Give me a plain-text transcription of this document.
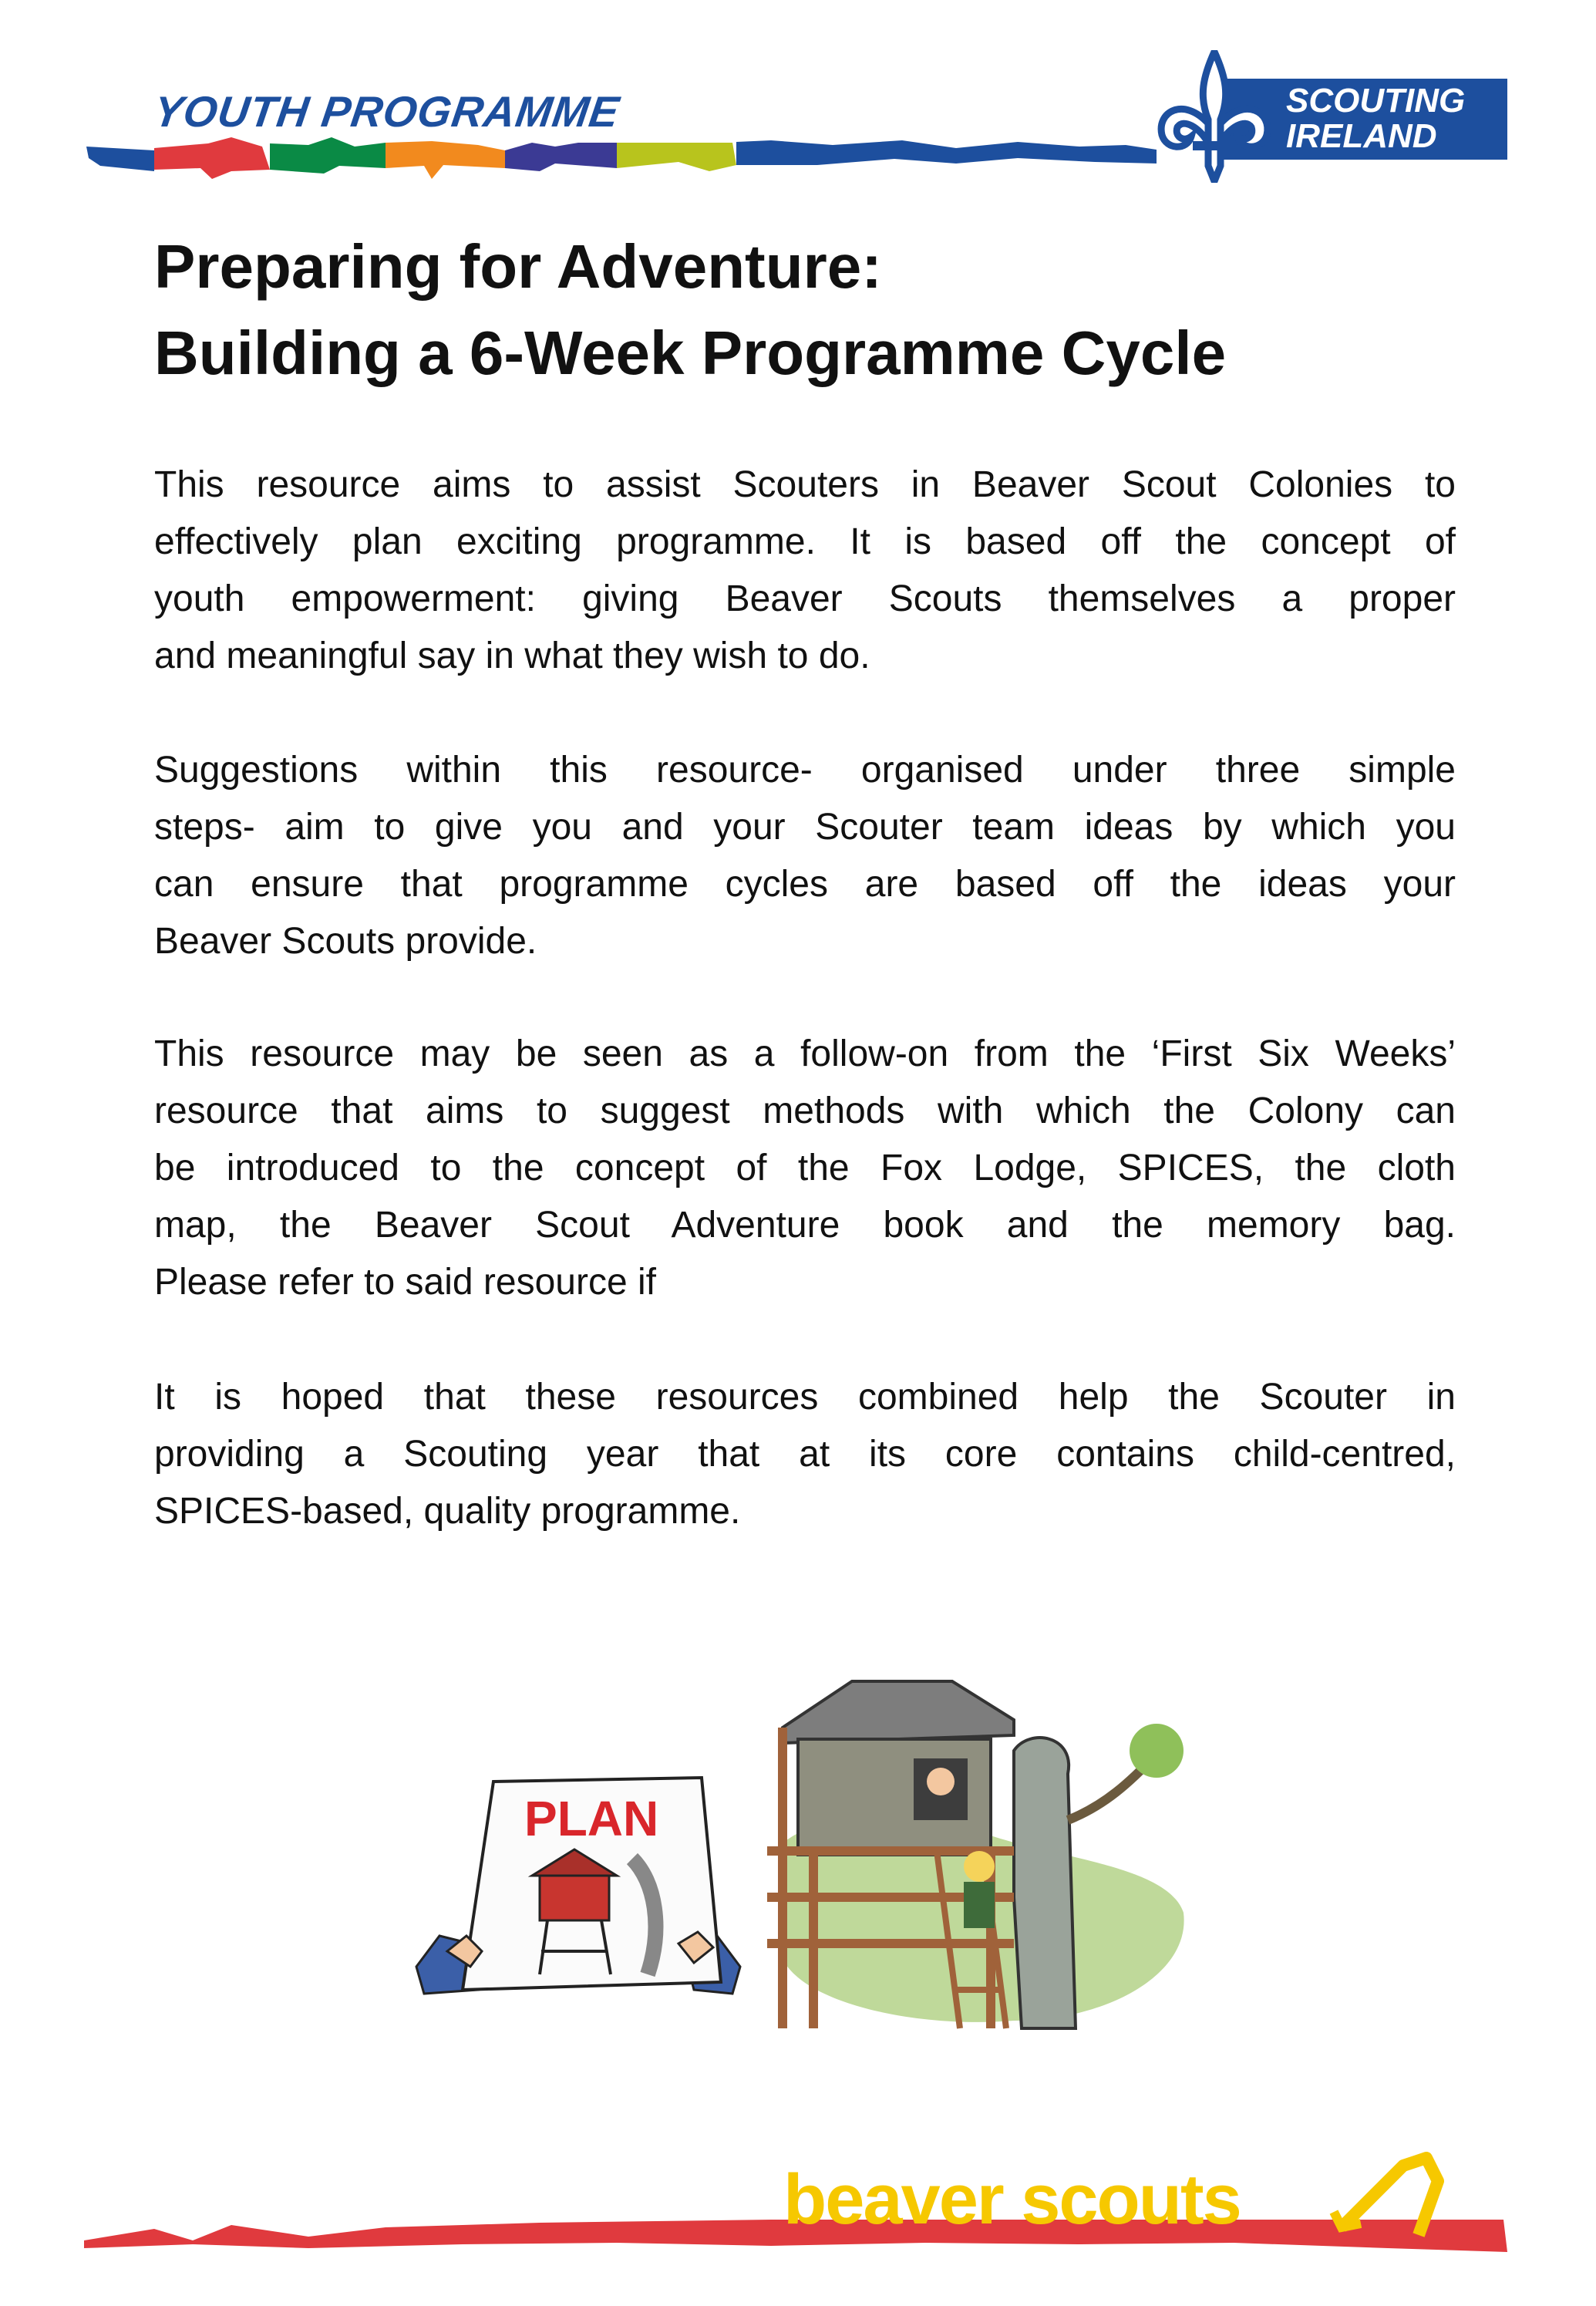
YOUTH PROGRAMME	SCOUTING
IRELAND
Preparing for Adventure:
Building a 6-Week Programme Cycle
This resource aims to assist Scouters in Beaver Scout Colonies to
effectively plan exciting programme. It is based off the concept of
youth empowerment: giving Beaver Scouts themselves a proper
and meaningful say in what they wish to do.
Suggestions within this resource- organised under three simple
steps- aim to give you and your Scouter team ideas by which you
can ensure that programme cycles are based off the ideas your
Beaver Scouts provide.
This resource may be seen as a follow-on from the ‘First Six Weeks’
resource that aims to suggest methods with which the Colony can
be introduced to the concept of the Fox Lodge, SPICES, the cloth
map, the Beaver Scout Adventure book and the memory bag.
Please refer to said resource if
It is hoped that these resources combined help the Scouter in
providing a Scouting year that at its core contains child-centred,
SPICES-based, quality programme.
PLAN
beaver scouts
